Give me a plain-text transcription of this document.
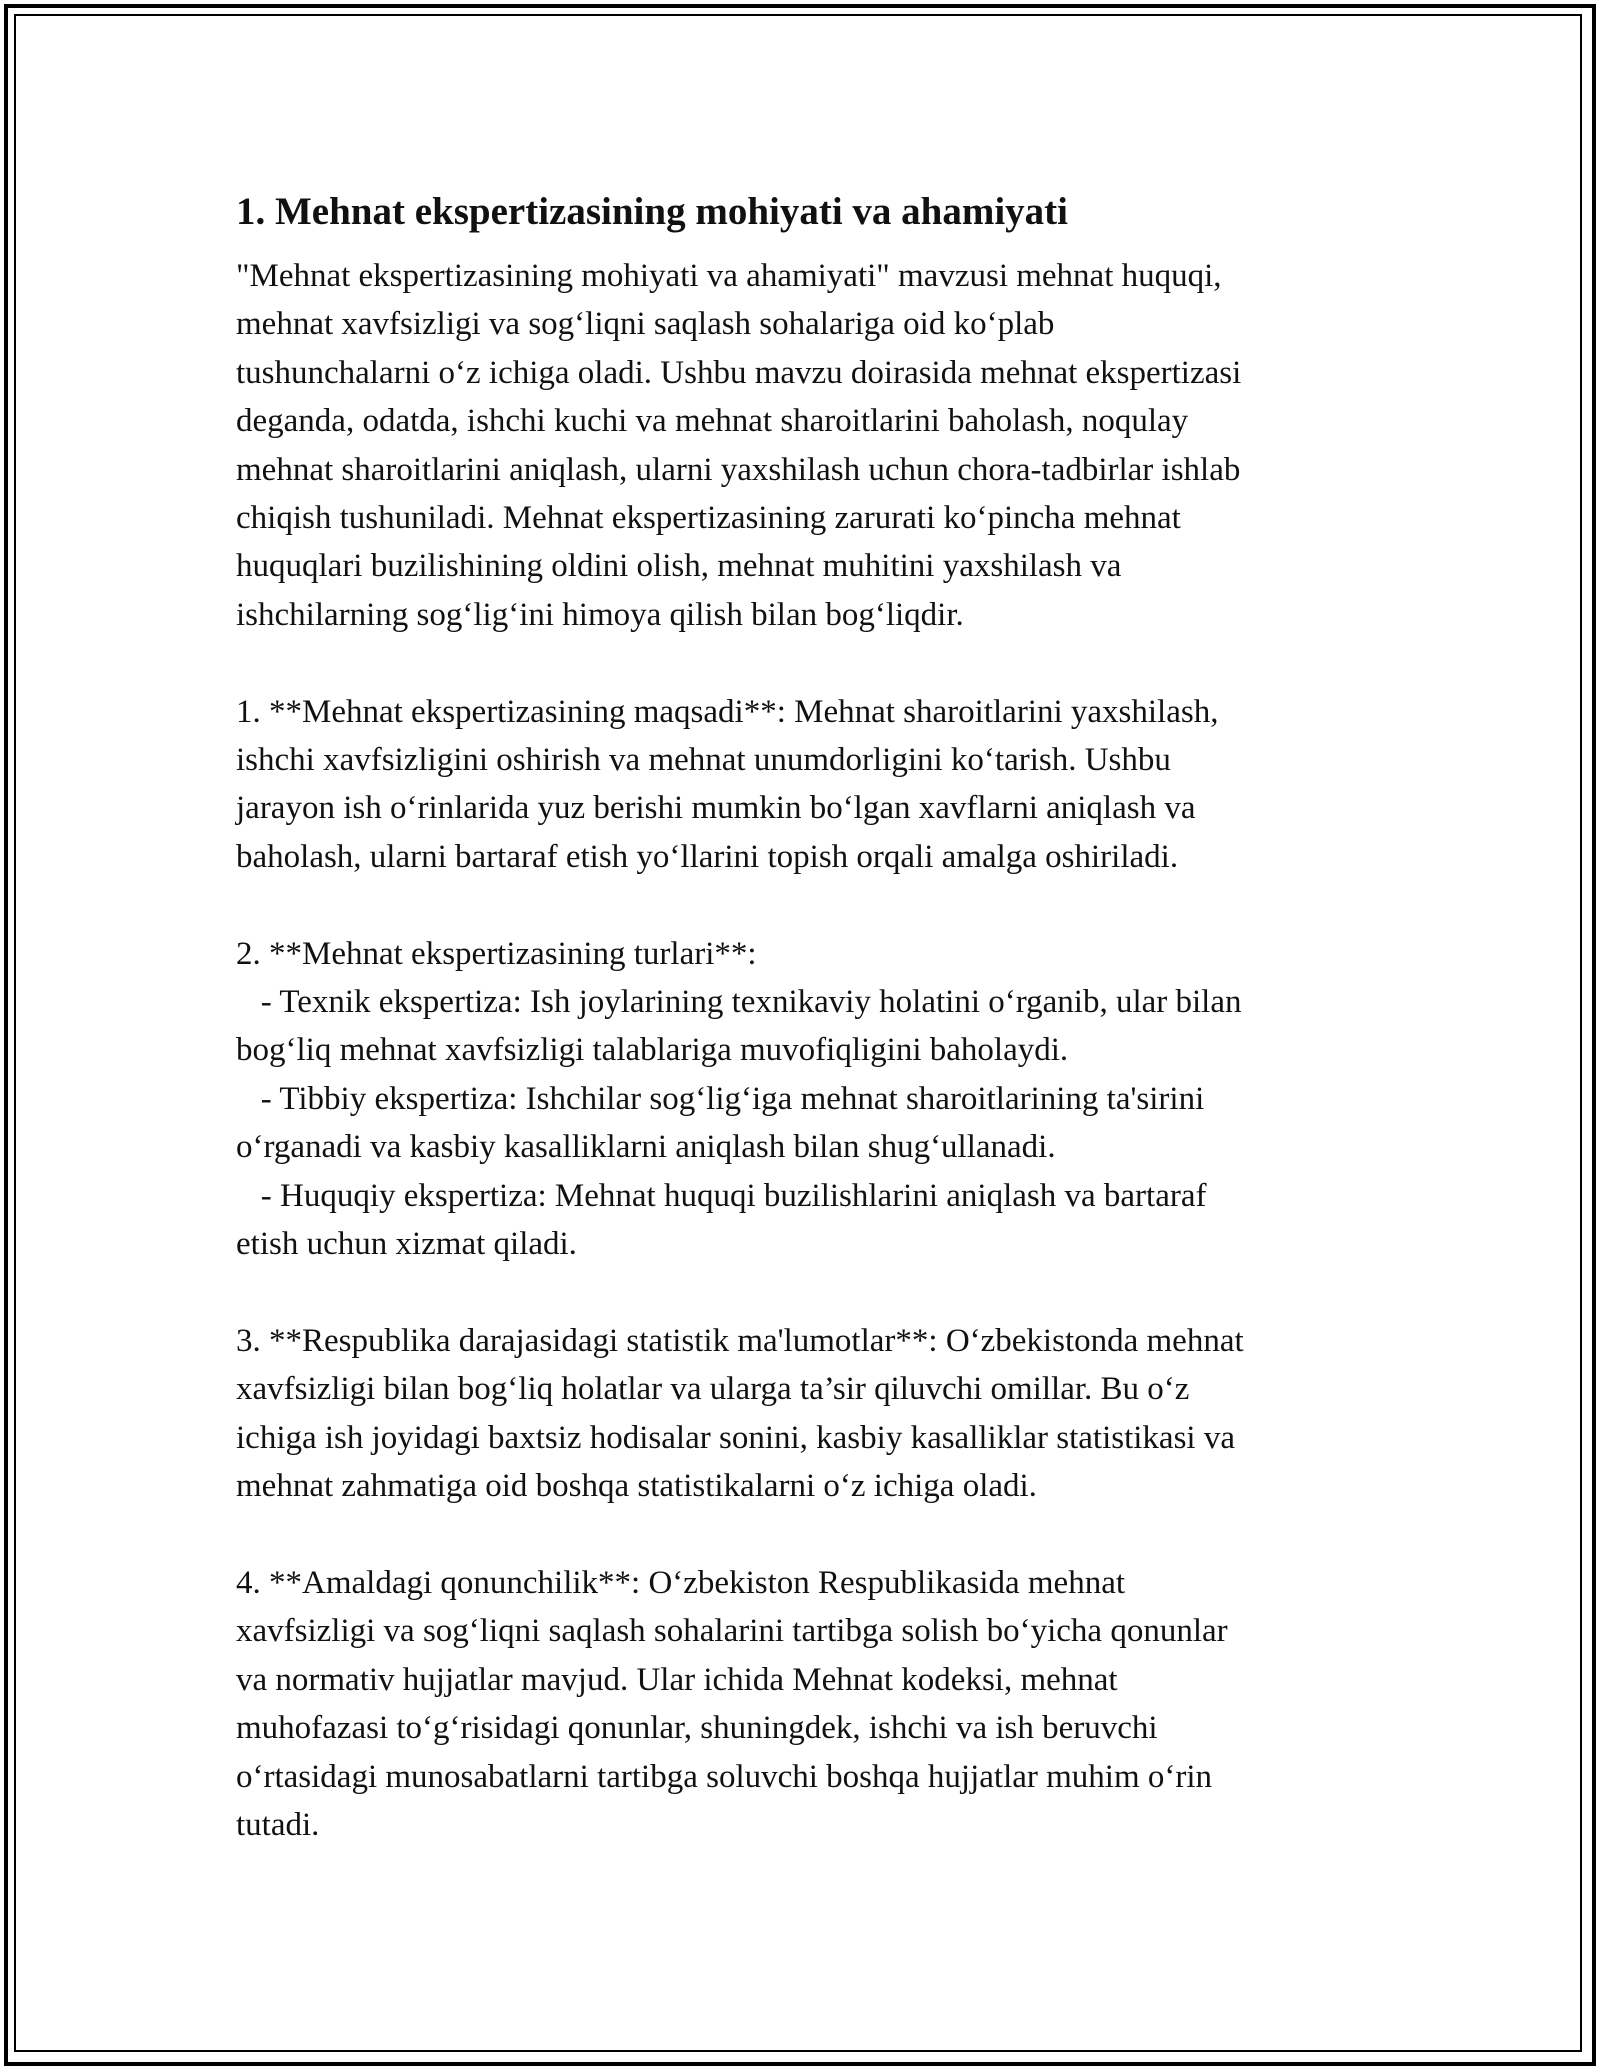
1. Mehnat ekspertizasining mohiyati va ahamiyati

"Mehnat ekspertizasining mohiyati va ahamiyati" mavzusi mehnat huquqi,
mehnat xavfsizligi va sog‘liqni saqlash sohalariga oid ko‘plab
tushunchalarni o‘z ichiga oladi. Ushbu mavzu doirasida mehnat ekspertizasi
deganda, odatda, ishchi kuchi va mehnat sharoitlarini baholash, noqulay
mehnat sharoitlarini aniqlash, ularni yaxshilash uchun chora-tadbirlar ishlab
chiqish tushuniladi. Mehnat ekspertizasining zarurati ko‘pincha mehnat
huquqlari buzilishining oldini olish, mehnat muhitini yaxshilash va
ishchilarning sog‘lig‘ini himoya qilish bilan bog‘liqdir.

1. **Mehnat ekspertizasining maqsadi**: Mehnat sharoitlarini yaxshilash,
ishchi xavfsizligini oshirish va mehnat unumdorligini ko‘tarish. Ushbu
jarayon ish o‘rinlarida yuz berishi mumkin bo‘lgan xavflarni aniqlash va
baholash, ularni bartaraf etish yo‘llarini topish orqali amalga oshiriladi.

2. **Mehnat ekspertizasining turlari**:
- Texnik ekspertiza: Ish joylarining texnikaviy holatini o‘rganib, ular bilan
bog‘liq mehnat xavfsizligi talablariga muvofiqligini baholaydi.
- Tibbiy ekspertiza: Ishchilar sog‘lig‘iga mehnat sharoitlarining ta'sirini
o‘rganadi va kasbiy kasalliklarni aniqlash bilan shug‘ullanadi.
- Huquqiy ekspertiza: Mehnat huquqi buzilishlarini aniqlash va bartaraf
etish uchun xizmat qiladi.

3. **Respublika darajasidagi statistik ma'lumotlar**: O‘zbekistonda mehnat
xavfsizligi bilan bog‘liq holatlar va ularga ta’sir qiluvchi omillar. Bu o‘z
ichiga ish joyidagi baxtsiz hodisalar sonini, kasbiy kasalliklar statistikasi va
mehnat zahmatiga oid boshqa statistikalarni o‘z ichiga oladi.

4. **Amaldagi qonunchilik**: O‘zbekiston Respublikasida mehnat
xavfsizligi va sog‘liqni saqlash sohalarini tartibga solish bo‘yicha qonunlar
va normativ hujjatlar mavjud. Ular ichida Mehnat kodeksi, mehnat
muhofazasi to‘g‘risidagi qonunlar, shuningdek, ishchi va ish beruvchi
o‘rtasidagi munosabatlarni tartibga soluvchi boshqa hujjatlar muhim o‘rin
tutadi.
